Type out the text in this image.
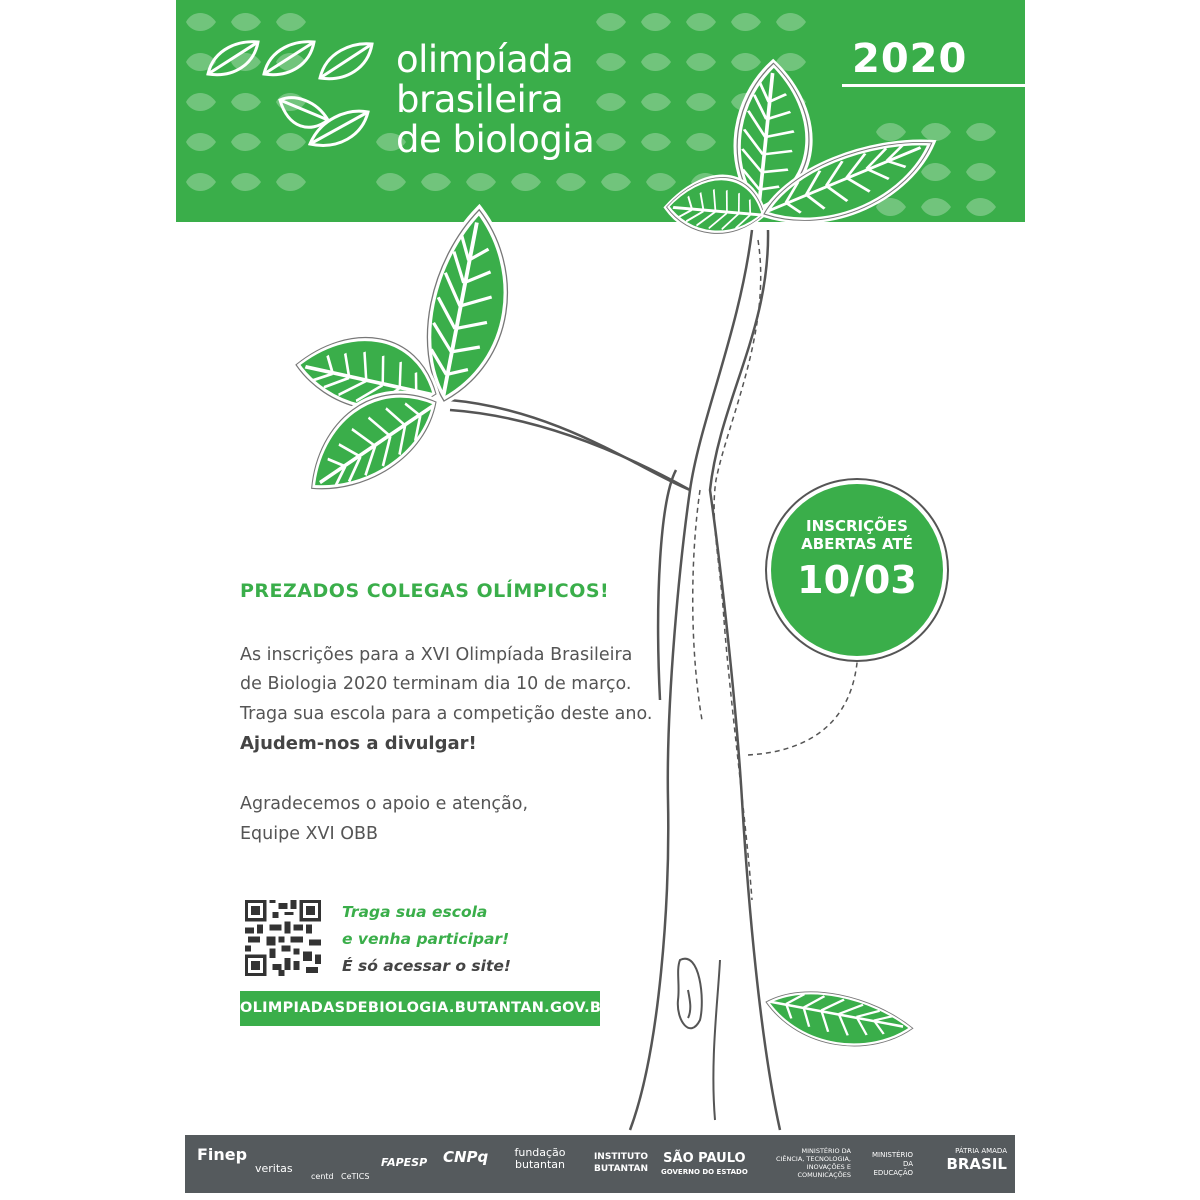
olimpíada
brasileira
de biologia
2020
INSCRIÇÕES
ABERTAS ATÉ
10/03
PREZADOS COLEGAS OLÍMPICOS!
As inscrições para a XVI Olimpíada Brasileira
de Biologia 2020 terminam dia 10 de março.
Traga sua escola para a competição deste ano.
Ajudem-nos a divulgar!
Agradecemos o apoio e atenção,
Equipe XVI OBB
Traga sua escola
e venha participar!
É só acessar o site!
OLIMPIADASDEBIOLOGIA.BUTANTAN.GOV.BR
Finep
veritas
centd CeTICS
FAPESP CNPq	fundação butantan
INSTITUTO BUTANTAN
SÃO PAULO
GOVERNO DO ESTADO
MINISTÉRIO DA
CIÊNCIA, TECNOLOGIA, INOVAÇÕES E COMUNICAÇÕES
MINISTÉRIO DA
EDUCAÇÃO
PÁTRIA AMADA
BRASIL
